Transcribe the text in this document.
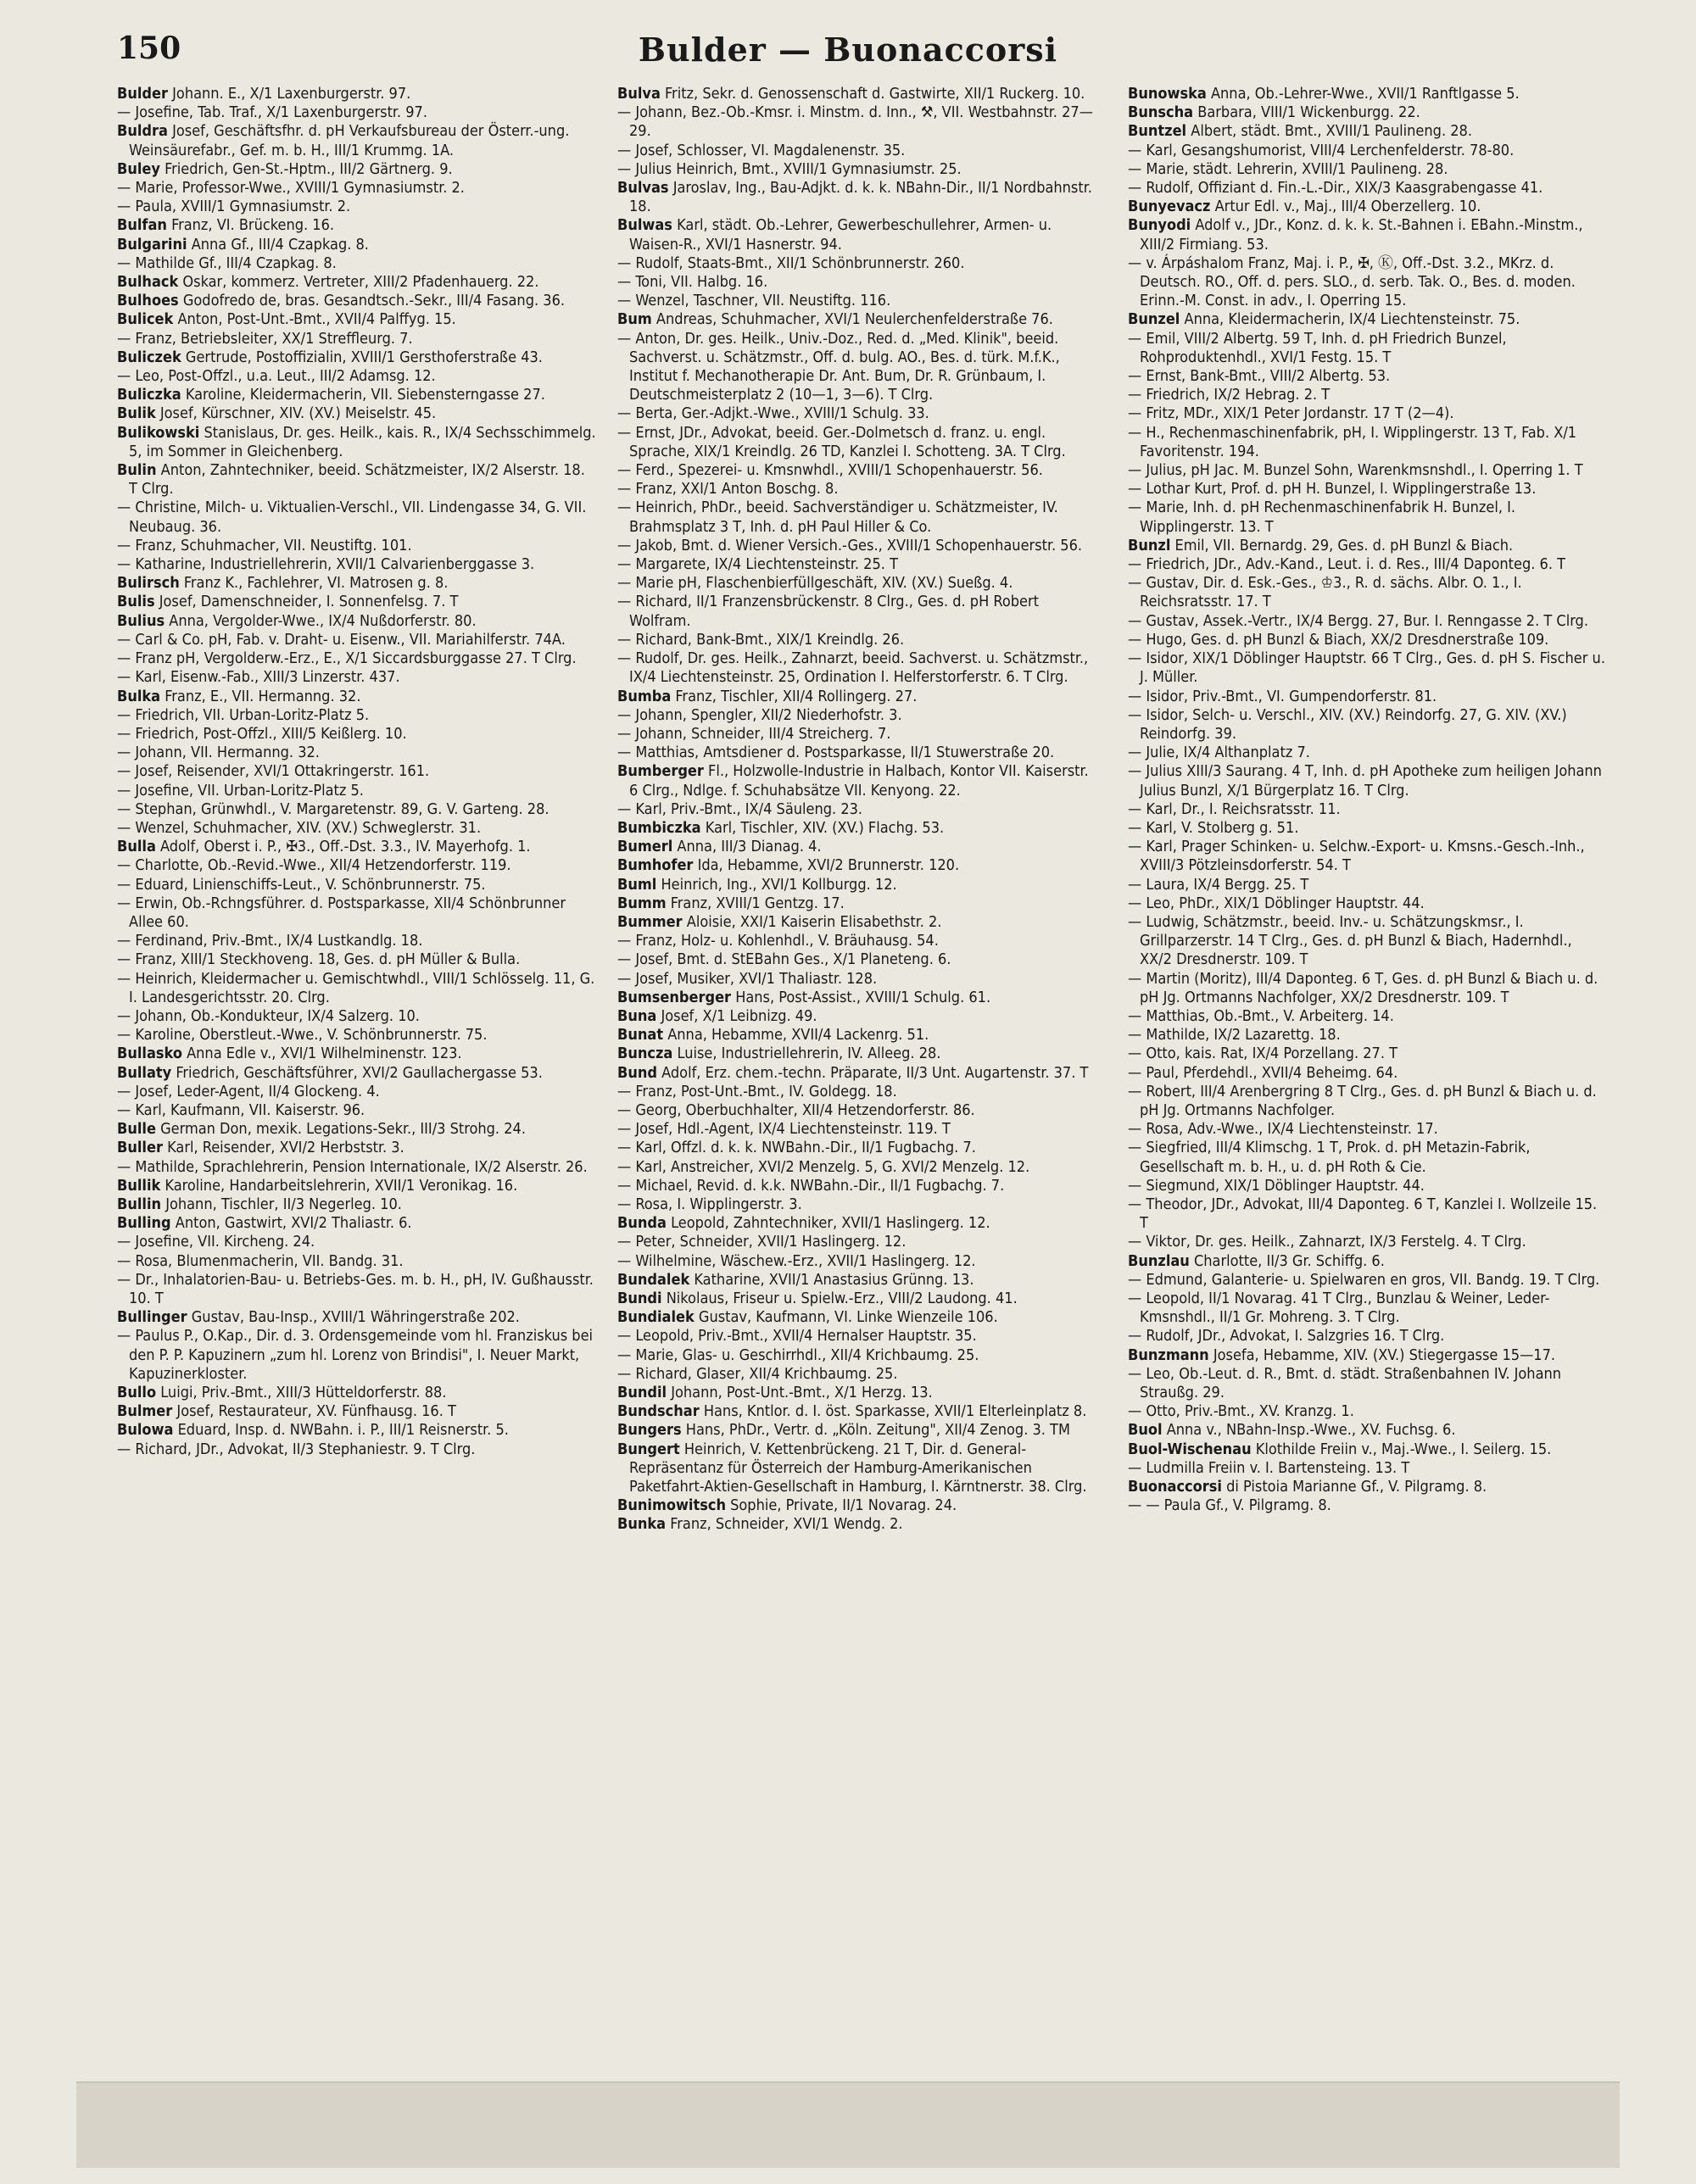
150	Bulder — Buonaccorsi
Bulder Johann. E., X/1 Laxenburgerstr. 97.
— Josefine, Tab. Traf., X/1 Laxenburgerstr. 97.
Buldra Josef, Geschäftsfhr. d. pH Verkaufsbureau der Österr.-ung. Weinsäurefabr., Gef. m. b. H., III/1 Krummg. 1A.
Buley Friedrich, Gen-St.-Hptm., III/2 Gärtnerg. 9.
— Marie, Professor-Wwe., XVIII/1 Gymnasiumstr. 2.
— Paula, XVIII/1 Gymnasiumstr. 2.
Bulfan Franz, VI. Brückeng. 16.
Bulgarini Anna Gf., III/4 Czapkag. 8.
— Mathilde Gf., III/4 Czapkag. 8.
Bulhack Oskar, kommerz. Vertreter, XIII/2 Pfadenhauerg. 22.
Bulhoes Godofredo de, bras. Gesandtsch.-Sekr., III/4 Fasang. 36.
Bulicek Anton, Post-Unt.-Bmt., XVII/4 Palffyg. 15.
— Franz, Betriebsleiter, XX/1 Streffleurg. 7.
Buliczek Gertrude, Postoffizialin, XVIII/1 Gersthoferstraße 43.
— Leo, Post-Offzl., u.a. Leut., III/2 Adamsg. 12.
Buliczka Karoline, Kleidermacherin, VII. Siebensterngasse 27.
Bulik Josef, Kürschner, XIV. (XV.) Meiselstr. 45.
Bulikowski Stanislaus, Dr. ges. Heilk., kais. R., IX/4 Sechsschimmelg. 5, im Sommer in Gleichenberg.
Bulin Anton, Zahntechniker, beeid. Schätzmeister, IX/2 Alserstr. 18. T Clrg.
— Christine, Milch- u. Viktualien-Verschl., VII. Lindengasse 34, G. VII. Neubaug. 36.
— Franz, Schuhmacher, VII. Neustiftg. 101.
— Katharine, Industriellehrerin, XVII/1 Calvarienberggasse 3.
Bulirsch Franz K., Fachlehrer, VI. Matrosen g. 8.
Bulis Josef, Damenschneider, I. Sonnenfelsg. 7. T
Bulius Anna, Vergolder-Wwe., IX/4 Nußdorferstr. 80.
— Carl & Co. pH, Fab. v. Draht- u. Eisenw., VII. Mariahilferstr. 74A.
— Franz pH, Vergolderw.-Erz., E., X/1 Siccardsburggasse 27. T Clrg.
— Karl, Eisenw.-Fab., XIII/3 Linzerstr. 437.
Bulka Franz, E., VII. Hermanng. 32.
— Friedrich, VII. Urban-Loritz-Platz 5.
— Friedrich, Post-Offzl., XIII/5 Keißlerg. 10.
— Johann, VII. Hermanng. 32.
— Josef, Reisender, XVI/1 Ottakringerstr. 161.
— Josefine, VII. Urban-Loritz-Platz 5.
— Stephan, Grünwhdl., V. Margaretenstr. 89, G. V. Garteng. 28.
— Wenzel, Schuhmacher, XIV. (XV.) Schweglerstr. 31.
Bulla Adolf, Oberst i. P., ✠3., Off.-Dst. 3.3., IV. Mayerhofg. 1.
— Charlotte, Ob.-Revid.-Wwe., XII/4 Hetzendorferstr. 119.
— Eduard, Linienschiffs-Leut., V. Schönbrunnerstr. 75.
— Erwin, Ob.-Rchngsführer. d. Postsparkasse, XII/4 Schönbrunner Allee 60.
— Ferdinand, Priv.-Bmt., IX/4 Lustkandlg. 18.
— Franz, XIII/1 Steckhoveng. 18, Ges. d. pH Müller & Bulla.
— Heinrich, Kleidermacher u. Gemischtwhdl., VIII/1 Schlösselg. 11, G. I. Landesgerichtsstr. 20. Clrg.
— Johann, Ob.-Kondukteur, IX/4 Salzerg. 10.
— Karoline, Oberstleut.-Wwe., V. Schönbrunnerstr. 75.
Bullasko Anna Edle v., XVI/1 Wilhelminenstr. 123.
Bullaty Friedrich, Geschäftsführer, XVI/2 Gaullachergasse 53.
— Josef, Leder-Agent, II/4 Glockeng. 4.
— Karl, Kaufmann, VII. Kaiserstr. 96.
Bulle German Don, mexik. Legations-Sekr., III/3 Strohg. 24.
Buller Karl, Reisender, XVI/2 Herbststr. 3.
— Mathilde, Sprachlehrerin, Pension Internationale, IX/2 Alserstr. 26.
Bullik Karoline, Handarbeitslehrerin, XVII/1 Veronikag. 16.
Bullin Johann, Tischler, II/3 Negerleg. 10.
Bulling Anton, Gastwirt, XVI/2 Thaliastr. 6.
— Josefine, VII. Kircheng. 24.
— Rosa, Blumenmacherin, VII. Bandg. 31.
— Dr., Inhalatorien-Bau- u. Betriebs-Ges. m. b. H., pH, IV. Gußhausstr. 10. T
Bullinger Gustav, Bau-Insp., XVIII/1 Währingerstraße 202.
— Paulus P., O.Kap., Dir. d. 3. Ordensgemeinde vom hl. Franziskus bei den P. P. Kapuzinern „zum hl. Lorenz von Brindisi", I. Neuer Markt, Kapuzinerkloster.
Bullo Luigi, Priv.-Bmt., XIII/3 Hütteldorferstr. 88.
Bulmer Josef, Restaurateur, XV. Fünfhausg. 16. T
Bulowa Eduard, Insp. d. NWBahn. i. P., III/1 Reisnerstr. 5.
— Richard, JDr., Advokat, II/3 Stephaniestr. 9. T Clrg.
Bulva Fritz, Sekr. d. Genossenschaft d. Gastwirte, XII/1 Ruckerg. 10.
— Johann, Bez.-Ob.-Kmsr. i. Minstm. d. Inn., ⚒, VII. Westbahnstr. 27—29.
— Josef, Schlosser, VI. Magdalenenstr. 35.
— Julius Heinrich, Bmt., XVIII/1 Gymnasiumstr. 25.
Bulvas Jaroslav, Ing., Bau-Adjkt. d. k. k. NBahn-Dir., II/1 Nordbahnstr. 18.
Bulwas Karl, städt. Ob.-Lehrer, Gewerbeschullehrer, Armen- u. Waisen-R., XVI/1 Hasnerstr. 94.
— Rudolf, Staats-Bmt., XII/1 Schönbrunnerstr. 260.
— Toni, VII. Halbg. 16.
— Wenzel, Taschner, VII. Neustiftg. 116.
Bum Andreas, Schuhmacher, XVI/1 Neulerchenfelderstraße 76.
— Anton, Dr. ges. Heilk., Univ.-Doz., Red. d. „Med. Klinik", beeid. Sachverst. u. Schätzmstr., Off. d. bulg. AO., Bes. d. türk. M.f.K., Institut f. Mechanotherapie Dr. Ant. Bum, Dr. R. Grünbaum, I. Deutschmeisterplatz 2 (10—1, 3—6). T Clrg.
— Berta, Ger.-Adjkt.-Wwe., XVIII/1 Schulg. 33.
— Ernst, JDr., Advokat, beeid. Ger.-Dolmetsch d. franz. u. engl. Sprache, XIX/1 Kreindlg. 26 TD, Kanzlei I. Schotteng. 3A. T Clrg.
— Ferd., Spezerei- u. Kmsnwhdl., XVIII/1 Schopenhauerstr. 56.
— Franz, XXI/1 Anton Boschg. 8.
— Heinrich, PhDr., beeid. Sachverständiger u. Schätzmeister, IV. Brahmsplatz 3 T, Inh. d. pH Paul Hiller & Co.
— Jakob, Bmt. d. Wiener Versich.-Ges., XVIII/1 Schopenhauerstr. 56.
— Margarete, IX/4 Liechtensteinstr. 25. T
— Marie pH, Flaschenbierfüllgeschäft, XIV. (XV.) Sueßg. 4.
— Richard, II/1 Franzensbrückenstr. 8 Clrg., Ges. d. pH Robert Wolfram.
— Richard, Bank-Bmt., XIX/1 Kreindlg. 26.
— Rudolf, Dr. ges. Heilk., Zahnarzt, beeid. Sachverst. u. Schätzmstr., IX/4 Liechtensteinstr. 25, Ordination I. Helferstorferstr. 6. T Clrg.
Bumba Franz, Tischler, XII/4 Rollingerg. 27.
— Johann, Spengler, XII/2 Niederhofstr. 3.
— Johann, Schneider, III/4 Streicherg. 7.
— Matthias, Amtsdiener d. Postsparkasse, II/1 Stuwerstraße 20.
Bumberger Fl., Holzwolle-Industrie in Halbach, Kontor VII. Kaiserstr. 6 Clrg., Ndlge. f. Schuhabsätze VII. Kenyong. 22.
— Karl, Priv.-Bmt., IX/4 Säuleng. 23.
Bumbiczka Karl, Tischler, XIV. (XV.) Flachg. 53.
Bumerl Anna, III/3 Dianag. 4.
Bumhofer Ida, Hebamme, XVI/2 Brunnerstr. 120.
Buml Heinrich, Ing., XVI/1 Kollburgg. 12.
Bumm Franz, XVIII/1 Gentzg. 17.
Bummer Aloisie, XXI/1 Kaiserin Elisabethstr. 2.
— Franz, Holz- u. Kohlenhdl., V. Bräuhausg. 54.
— Josef, Bmt. d. StEBahn Ges., X/1 Planeteng. 6.
— Josef, Musiker, XVI/1 Thaliastr. 128.
Bumsenberger Hans, Post-Assist., XVIII/1 Schulg. 61.
Buna Josef, X/1 Leibnizg. 49.
Bunat Anna, Hebamme, XVII/4 Lackenrg. 51.
Buncza Luise, Industriellehrerin, IV. Alleeg. 28.
Bund Adolf, Erz. chem.-techn. Präparate, II/3 Unt. Augartenstr. 37. T
— Franz, Post-Unt.-Bmt., IV. Goldegg. 18.
— Georg, Oberbuchhalter, XII/4 Hetzendorferstr. 86.
— Josef, Hdl.-Agent, IX/4 Liechtensteinstr. 119. T
— Karl, Offzl. d. k. k. NWBahn.-Dir., II/1 Fugbachg. 7.
— Karl, Anstreicher, XVI/2 Menzelg. 5, G. XVI/2 Menzelg. 12.
— Michael, Revid. d. k.k. NWBahn.-Dir., II/1 Fugbachg. 7.
— Rosa, I. Wipplingerstr. 3.
Bunda Leopold, Zahntechniker, XVII/1 Haslingerg. 12.
— Peter, Schneider, XVII/1 Haslingerg. 12.
— Wilhelmine, Wäschew.-Erz., XVII/1 Haslingerg. 12.
Bundalek Katharine, XVII/1 Anastasius Grünng. 13.
Bundi Nikolaus, Friseur u. Spielw.-Erz., VIII/2 Laudong. 41.
Bundialek Gustav, Kaufmann, VI. Linke Wienzeile 106.
— Leopold, Priv.-Bmt., XVII/4 Hernalser Hauptstr. 35.
— Marie, Glas- u. Geschirrhdl., XII/4 Krichbaumg. 25.
— Richard, Glaser, XII/4 Krichbaumg. 25.
Bundil Johann, Post-Unt.-Bmt., X/1 Herzg. 13.
Bundschar Hans, Kntlor. d. I. öst. Sparkasse, XVII/1 Elterleinplatz 8.
Bungers Hans, PhDr., Vertr. d. „Köln. Zeitung", XII/4 Zenog. 3. TM
Bungert Heinrich, V. Kettenbrückeng. 21 T, Dir. d. General-Repräsentanz für Österreich der Hamburg-Amerikanischen Paketfahrt-Aktien-Gesellschaft in Hamburg, I. Kärntnerstr. 38. Clrg.
Bunimowitsch Sophie, Private, II/1 Novarag. 24.
Bunka Franz, Schneider, XVI/1 Wendg. 2.
Bunowska Anna, Ob.-Lehrer-Wwe., XVII/1 Ranftlgasse 5.
Bunscha Barbara, VIII/1 Wickenburgg. 22.
Buntzel Albert, städt. Bmt., XVIII/1 Paulineng. 28.
— Karl, Gesangshumorist, VIII/4 Lerchenfelderstr. 78-80.
— Marie, städt. Lehrerin, XVIII/1 Paulineng. 28.
— Rudolf, Offiziant d. Fin.-L.-Dir., XIX/3 Kaasgrabengasse 41.
Bunyevacz Artur Edl. v., Maj., III/4 Oberzellerg. 10.
Bunyodi Adolf v., JDr., Konz. d. k. k. St.-Bahnen i. EBahn.-Minstm., XIII/2 Firmiang. 53.
— v. Árpáshalom Franz, Maj. i. P., ✠, Ⓚ, Off.-Dst. 3.2., MKrz. d. Deutsch. RO., Off. d. pers. SLO., d. serb. Tak. O., Bes. d. moden. Erinn.-M. Const. in adv., I. Operring 15.
Bunzel Anna, Kleidermacherin, IX/4 Liechtensteinstr. 75.
— Emil, VIII/2 Albertg. 59 T, Inh. d. pH Friedrich Bunzel, Rohproduktenhdl., XVI/1 Festg. 15. T
— Ernst, Bank-Bmt., VIII/2 Albertg. 53.
— Friedrich, IX/2 Hebrag. 2. T
— Fritz, MDr., XIX/1 Peter Jordanstr. 17 T (2—4).
— H., Rechenmaschinenfabrik, pH, I. Wipplingerstr. 13 T, Fab. X/1 Favoritenstr. 194.
— Julius, pH Jac. M. Bunzel Sohn, Warenkmsnshdl., I. Operring 1. T
— Lothar Kurt, Prof. d. pH H. Bunzel, I. Wipplingerstraße 13.
— Marie, Inh. d. pH Rechenmaschinenfabrik H. Bunzel, I. Wipplingerstr. 13. T
Bunzl Emil, VII. Bernardg. 29, Ges. d. pH Bunzl & Biach.
— Friedrich, JDr., Adv.-Kand., Leut. i. d. Res., III/4 Daponteg. 6. T
— Gustav, Dir. d. Esk.-Ges., ♔3., R. d. sächs. Albr. O. 1., I. Reichsratsstr. 17. T
— Gustav, Assek.-Vertr., IX/4 Bergg. 27, Bur. I. Renngasse 2. T Clrg.
— Hugo, Ges. d. pH Bunzl & Biach, XX/2 Dresdnerstraße 109.
— Isidor, XIX/1 Döblinger Hauptstr. 66 T Clrg., Ges. d. pH S. Fischer u. J. Müller.
— Isidor, Priv.-Bmt., VI. Gumpendorferstr. 81.
— Isidor, Selch- u. Verschl., XIV. (XV.) Reindorfg. 27, G. XIV. (XV.) Reindorfg. 39.
— Julie, IX/4 Althanplatz 7.
— Julius XIII/3 Saurang. 4 T, Inh. d. pH Apotheke zum heiligen Johann Julius Bunzl, X/1 Bürgerplatz 16. T Clrg.
— Karl, Dr., I. Reichsratsstr. 11.
— Karl, V. Stolberg g. 51.
— Karl, Prager Schinken- u. Selchw.-Export- u. Kmsns.-Gesch.-Inh., XVIII/3 Pötzleinsdorferstr. 54. T
— Laura, IX/4 Bergg. 25. T
— Leo, PhDr., XIX/1 Döblinger Hauptstr. 44.
— Ludwig, Schätzmstr., beeid. Inv.- u. Schätzungskmsr., I. Grillparzerstr. 14 T Clrg., Ges. d. pH Bunzl & Biach, Hadernhdl., XX/2 Dresdnerstr. 109. T
— Martin (Moritz), III/4 Daponteg. 6 T, Ges. d. pH Bunzl & Biach u. d. pH Jg. Ortmanns Nachfolger, XX/2 Dresdnerstr. 109. T
— Matthias, Ob.-Bmt., V. Arbeiterg. 14.
— Mathilde, IX/2 Lazarettg. 18.
— Otto, kais. Rat, IX/4 Porzellang. 27. T
— Paul, Pferdehdl., XVII/4 Beheimg. 64.
— Robert, III/4 Arenbergring 8 T Clrg., Ges. d. pH Bunzl & Biach u. d. pH Jg. Ortmanns Nachfolger.
— Rosa, Adv.-Wwe., IX/4 Liechtensteinstr. 17.
— Siegfried, III/4 Klimschg. 1 T, Prok. d. pH Metazin-Fabrik, Gesellschaft m. b. H., u. d. pH Roth & Cie.
— Siegmund, XIX/1 Döblinger Hauptstr. 44.
— Theodor, JDr., Advokat, III/4 Daponteg. 6 T, Kanzlei I. Wollzeile 15. T
— Viktor, Dr. ges. Heilk., Zahnarzt, IX/3 Ferstelg. 4. T Clrg.
Bunzlau Charlotte, II/3 Gr. Schiffg. 6.
— Edmund, Galanterie- u. Spielwaren en gros, VII. Bandg. 19. T Clrg.
— Leopold, II/1 Novarag. 41 T Clrg., Bunzlau & Weiner, Leder-Kmsnshdl., II/1 Gr. Mohreng. 3. T Clrg.
— Rudolf, JDr., Advokat, I. Salzgries 16. T Clrg.
Bunzmann Josefa, Hebamme, XIV. (XV.) Stiegergasse 15—17.
— Leo, Ob.-Leut. d. R., Bmt. d. städt. Straßenbahnen IV. Johann Straußg. 29.
— Otto, Priv.-Bmt., XV. Kranzg. 1.
Buol Anna v., NBahn-Insp.-Wwe., XV. Fuchsg. 6.
Buol-Wischenau Klothilde Freiin v., Maj.-Wwe., I. Seilerg. 15.
— Ludmilla Freiin v. I. Bartensteing. 13. T
Buonaccorsi di Pistoia Marianne Gf., V. Pilgramg. 8.
— — Paula Gf., V. Pilgramg. 8.
